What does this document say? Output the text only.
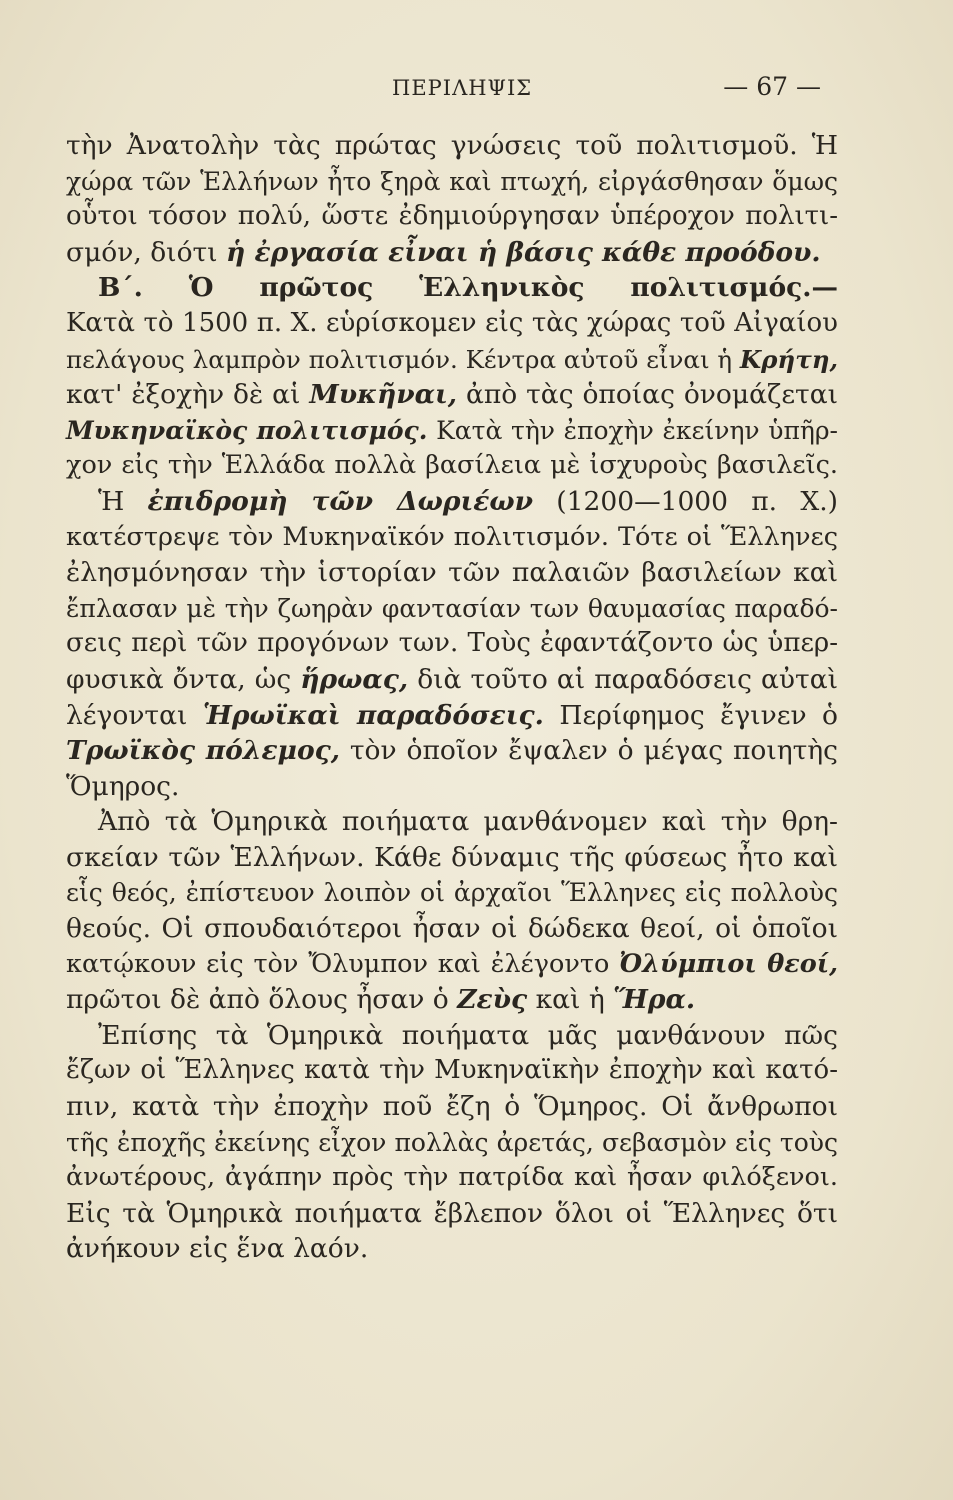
ΠΕΡΙΛΗΨΙΣ	— 67 —
τὴν Ἀνατολὴν τὰς πρώτας γνώσεις τοῦ πολιτισμοῦ. Ἡ
χώρα τῶν Ἑλλήνων ἦτο ξηρὰ καὶ πτωχή, εἰργάσθησαν ὅμως
οὗτοι τόσον πολύ, ὥστε ἐδημιούργησαν ὑπέροχον πολιτι-
σμόν, διότι ἡ ἐργασία εἶναι ἡ βάσις κάθε προόδου.
Β΄. Ὁ πρῶτος Ἑλληνικὸς πολιτισμός.—
Κατὰ τὸ 1500 π. Χ. εὑρίσκομεν εἰς τὰς χώρας τοῦ Αἰγαίου
πελάγους λαμπρὸν πολιτισμόν. Κέντρα αὐτοῦ εἶναι ἡ Κρήτη,
κατ' ἐξοχὴν δὲ αἱ Μυκῆναι, ἀπὸ τὰς ὁποίας ὀνομάζεται
Μυκηναϊκὸς πολιτισμός. Κατὰ τὴν ἐποχὴν ἐκείνην ὑπῆρ-
χον εἰς τὴν Ἑλλάδα πολλὰ βασίλεια μὲ ἰσχυροὺς βασιλεῖς.
Ἡ ἐπιδρομὴ τῶν Δωριέων (1200—1000 π. Χ.)
κατέστρεψε τὸν Μυκηναϊκόν πολιτισμόν. Τότε οἱ Ἕλληνες
ἐλησμόνησαν τὴν ἱστορίαν τῶν παλαιῶν βασιλείων καὶ
ἔπλασαν μὲ τὴν ζωηρὰν φαντασίαν των θαυμασίας παραδό-
σεις περὶ τῶν προγόνων των. Τοὺς ἐφαντάζοντο ὡς ὑπερ-
φυσικὰ ὄντα, ὡς ἥρωας, διὰ τοῦτο αἱ παραδόσεις αὐταὶ
λέγονται Ἡρωϊκαὶ παραδόσεις. Περίφημος ἔγινεν ὁ
Τρωϊκὸς πόλεμος, τὸν ὁποῖον ἔψαλεν ὁ μέγας ποιητὴς
Ὅμηρος.
Ἀπὸ τὰ Ὁμηρικὰ ποιήματα μανθάνομεν καὶ τὴν θρη-
σκείαν τῶν Ἑλλήνων. Κάθε δύναμις τῆς φύσεως ἦτο καὶ
εἷς θεός, ἐπίστευον λοιπὸν οἱ ἀρχαῖοι Ἕλληνες εἰς πολλοὺς
θεούς. Οἱ σπουδαιότεροι ἦσαν οἱ δώδεκα θεοί, οἱ ὁποῖοι
κατῴκουν εἰς τὸν Ὄλυμπον καὶ ἐλέγοντο Ὀλύμπιοι θεοί,
πρῶτοι δὲ ἀπὸ ὅλους ἦσαν ὁ Ζεὺς καὶ ἡ Ἥρα.
Ἐπίσης τὰ Ὁμηρικὰ ποιήματα μᾶς μανθάνουν πῶς
ἔζων οἱ Ἕλληνες κατὰ τὴν Μυκηναϊκὴν ἐποχὴν καὶ κατό-
πιν, κατὰ τὴν ἐποχὴν ποῦ ἔζη ὁ Ὅμηρος. Οἱ ἄνθρωποι
τῆς ἐποχῆς ἐκείνης εἶχον πολλὰς ἀρετάς, σεβασμὸν εἰς τοὺς
ἀνωτέρους, ἀγάπην πρὸς τὴν πατρίδα καὶ ἦσαν φιλόξενοι.
Εἰς τὰ Ὁμηρικὰ ποιήματα ἔβλεπον ὅλοι οἱ Ἕλληνες ὅτι
ἀνήκουν εἰς ἕνα λαόν.
